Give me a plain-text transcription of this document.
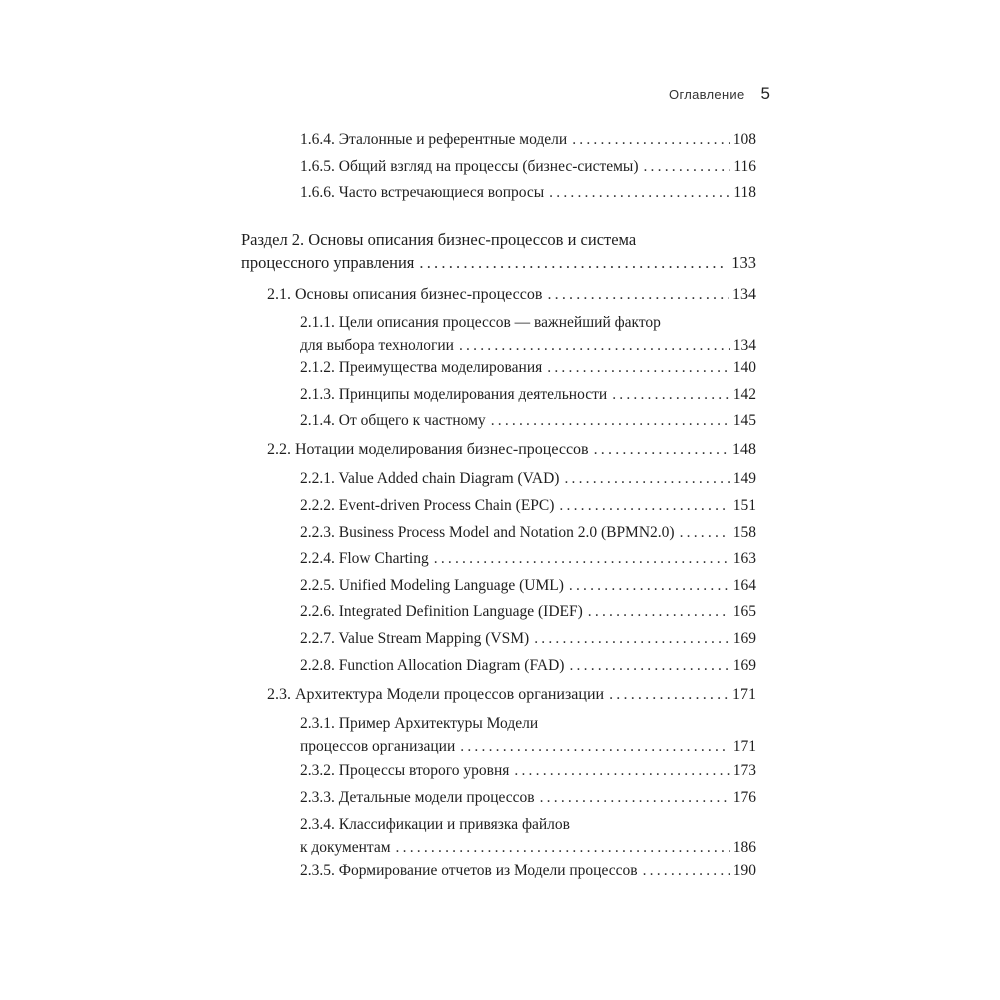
Оглавление 5
1.6.4. Эталонные и референтные модели .....	108
1.6.5. Общий взгляд на процессы (бизнес-системы) .....	116
1.6.6. Часто встречающиеся вопросы .....	118
Раздел 2. Основы описания бизнес-процессов и система
процессного управления .....	133
2.1. Основы описания бизнес-процессов .....	134
2.1.1. Цели описания процессов — важнейший фактор
для выбора технологии .....	134
2.1.2. Преимущества моделирования .....	140
2.1.3. Принципы моделирования деятельности .....	142
2.1.4. От общего к частному .....	145
2.2. Нотации моделирования бизнес-процессов .....	148
2.2.1. Value Added chain Diagram (VAD) .....	149
2.2.2. Event-driven Process Chain (EPC) .....	151
2.2.3. Business Process Model and Notation 2.0 (BPMN2.0) .....	158
2.2.4. Flow Charting .....	163
2.2.5. Unified Modeling Language (UML) .....	164
2.2.6. Integrated Definition Language (IDEF) .....	165
2.2.7. Value Stream Mapping (VSM) .....	169
2.2.8. Function Allocation Diagram (FAD) .....	169
2.3. Архитектура Модели процессов организации .....	171
2.3.1. Пример Архитектуры Модели
процессов организации .....	171
2.3.2. Процессы второго уровня .....	173
2.3.3. Детальные модели процессов .....	176
2.3.4. Классификации и привязка файлов
к документам .....	186
2.3.5. Формирование отчетов из Модели процессов .....	190
